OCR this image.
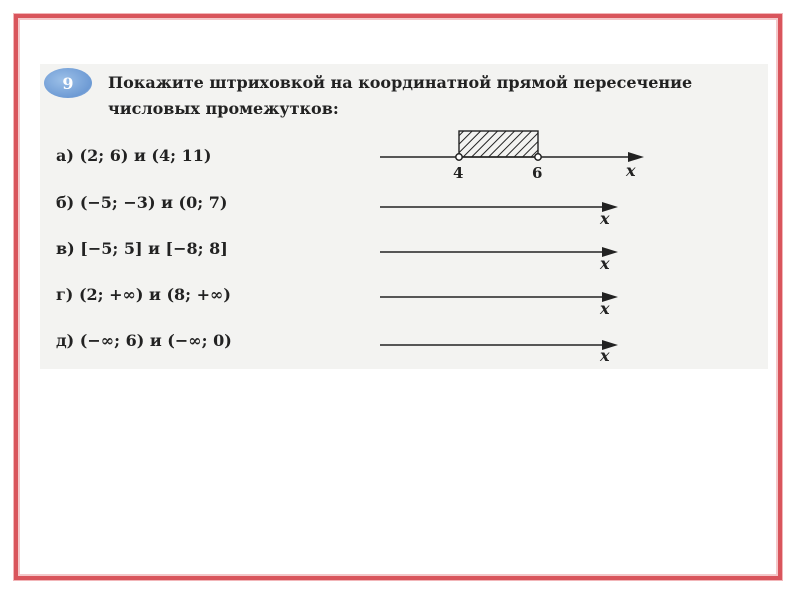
9	Покажите штриховкой на координатной прямой пересечение числовых промежутков:
а) (2; 6) и (4; 11)
б) (−5; −3) и (0; 7)
в) [−5; 5] и [−8; 8]
г) (2; +∞) и (8; +∞)
д) (−∞; 6) и (−∞; 0)
4	6	x
x
x
x
x
